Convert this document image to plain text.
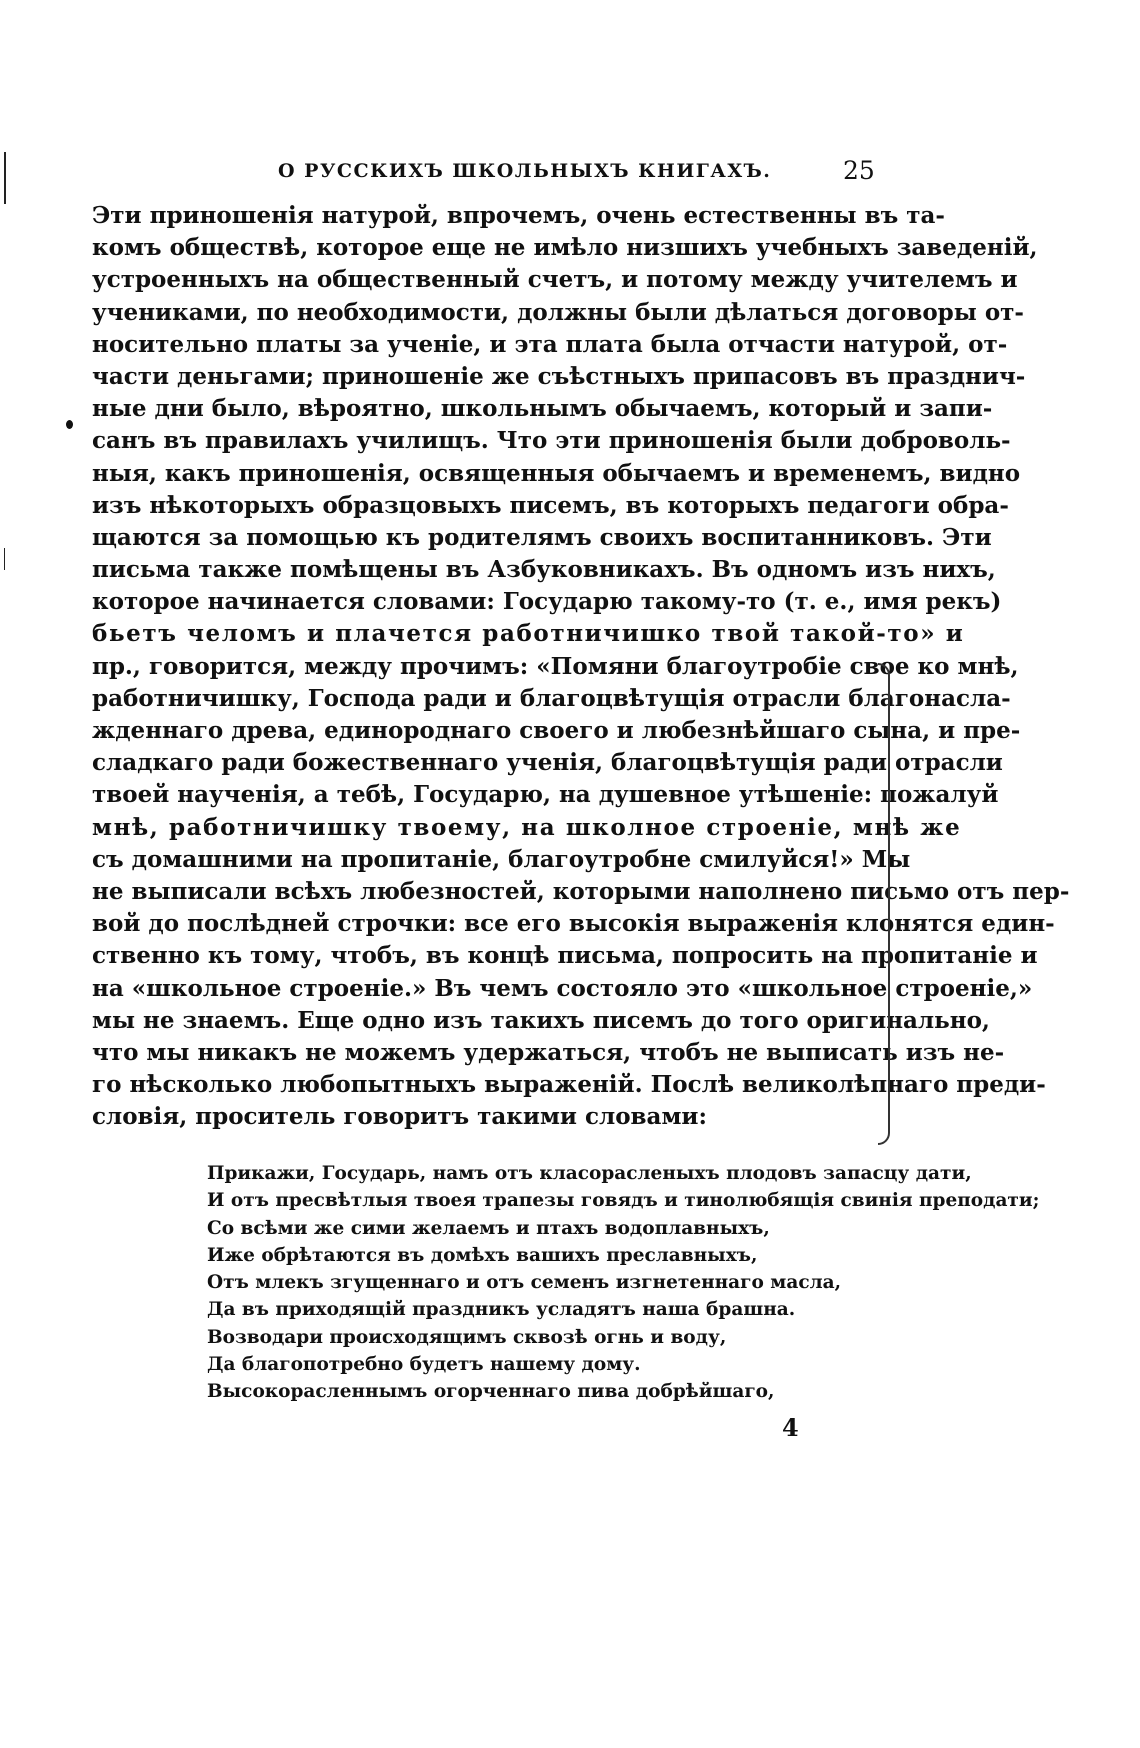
О РУССКИХЪ ШКОЛЬНЫХЪ КНИГАХЪ.	25
Эти приношенія натурой, впрочемъ, очень естественны въ та-
комъ обществѣ, которое еще не имѣло низшихъ учебныхъ заведеній,
устроенныхъ на общественный счетъ, и потому между учителемъ и
учениками, по необходимости, должны были дѣлаться договоры от-
носительно платы за ученіе, и эта плата была отчасти натурой, от-
части деньгами; приношеніе же съѣстныхъ припасовъ въ празднич-
ные дни было, вѣроятно, школьнымъ обычаемъ, который и запи-
санъ въ правилахъ училищъ. Что эти приношенія были доброволь-
ныя, какъ приношенія, освященныя обычаемъ и временемъ, видно
изъ нѣкоторыхъ образцовыхъ писемъ, въ которыхъ педагоги обра-
щаются за помощью къ родителямъ своихъ воспитанниковъ. Эти
письма также помѣщены въ Азбуковникахъ. Въ одномъ изъ нихъ,
которое начинается словами: Государю такому-то (т. е., имя рекъ)
бьетъ челомъ и плачется работничишко твой такой-то» и
пр., говорится, между прочимъ: «Помяни благоутробіе свое ко мнѣ,
работничишку, Господа ради и благоцвѣтущія отрасли благонасла-
жденнаго древа, единороднаго своего и любезнѣйшаго сына, и пре-
сладкаго ради божественнаго ученія, благоцвѣтущія ради отрасли
твоей наученія, а тебѣ, Государю, на душевное утѣшеніе: пожалуй
мнѣ, работничишку твоему, на школное строеніе, мнѣ же
съ домашними на пропитаніе, благоутробне смилуйся!» Мы
не выписали всѣхъ любезностей, которыми наполнено письмо отъ пер-
вой до послѣдней строчки: все его высокія выраженія клонятся един-
ственно къ тому, чтобъ, въ концѣ письма, попросить на пропитаніе и
на «школьное строеніе.» Въ чемъ состояло это «школьное строеніе,»
мы не знаемъ. Еще одно изъ такихъ писемъ до того оригинально,
что мы никакъ не можемъ удержаться, чтобъ не выписать изъ не-
го нѣсколько любопытныхъ выраженій. Послѣ великолѣпнаго преди-
словія, проситель говоритъ такими словами:
Прикажи, Государь, намъ отъ класорасленыхъ плодовъ запасцу дати,
И отъ пресвѣтлыя твоея трапезы говядъ и тинолюбящія свинія преподати;
Со всѣми же сими желаемъ и птахъ водоплавныхъ,
Иже обрѣтаются въ домѣхъ вашихъ преславныхъ,
Отъ млекъ згущеннаго и отъ семенъ изгнетеннаго масла,
Да въ приходящій праздникъ усладятъ наша брашна.
Возводари происходящимъ сквозѣ огнь и воду,
Да благопотребно будетъ нашему дому.
Высокорасленнымъ огорченнаго пива добрѣйшаго,
4
